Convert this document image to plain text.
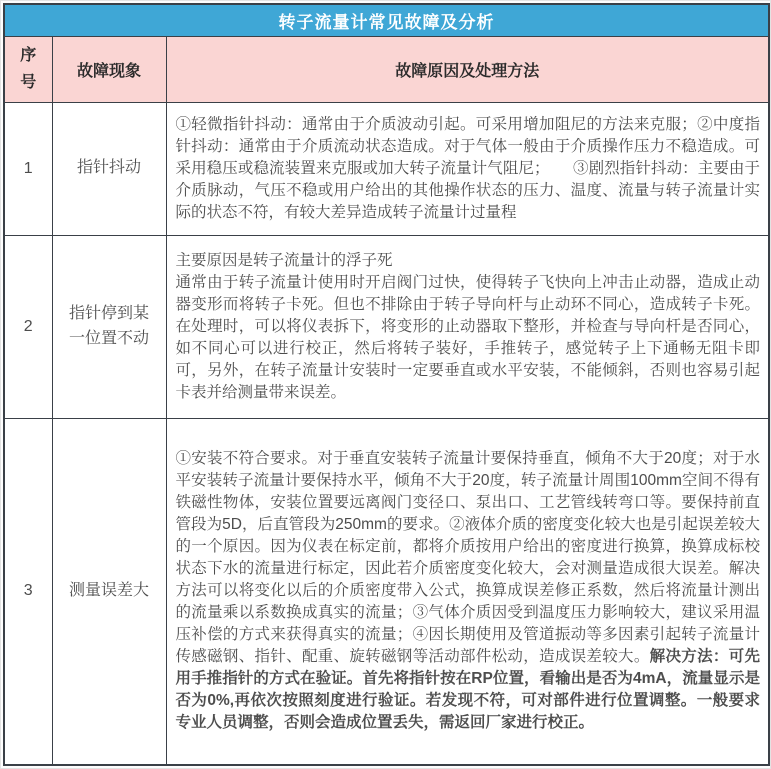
转子流量计常见故障及分析		
序号	故障现象	故障原因及处理方法
1	指针抖动	①轻微指针抖动：通常由于介质波动引起。可采用增加阻尼的方法来克服；②中度指针抖动：通常由于介质流动状态造成。对于气体一般由于介质操作压力不稳造成。可采用稳压或稳流装置来克服或加大转子流量计气阻尼；　　③剧烈指针抖动：主要由于介质脉动，气压不稳或用户给出的其他操作状态的压力、温度、流量与转子流量计实际的状态不符，有较大差异造成转子流量计过量程
2	指针停到某一位置不动	主要原因是转子流量计的浮子死
通常由于转子流量计使用时开启阀门过快，使得转子飞快向上冲击止动器，造成止动器变形而将转子卡死。但也不排除由于转子导向杆与止动环不同心，造成转子卡死。在处理时，可以将仪表拆下，将变形的止动器取下整形，并检查与导向杆是否同心，如不同心可以进行校正，然后将转子装好，手推转子，感觉转子上下通畅无阻卡即可，另外，在转子流量计安装时一定要垂直或水平安装，不能倾斜，否则也容易引起卡表并给测量带来误差。

3	测量误差大	①安装不符合要求。对于垂直安装转子流量计要保持垂直，倾角不大于20度；对于水平安装转子流量计要保持水平，倾角不大于20度，转子流量计周围100mm空间不得有铁磁性物体，安装位置要远离阀门变径口、泵出口、工艺管线转弯口等。要保持前直管段为5D，后直管段为250mm的要求。②液体介质的密度变化较大也是引起误差较大的一个原因。因为仪表在标定前，都将介质按用户给出的密度进行换算，换算成标校状态下水的流量进行标定，因此若介质密度变化较大，会对测量造成很大误差。解决方法可以将变化以后的介质密度带入公式，换算成误差修正系数，然后将流量计测出的流量乘以系数换成真实的流量；③气体介质因受到温度压力影响较大，建议采用温压补偿的方式来获得真实的流量；④因长期使用及管道振动等多因素引起转子流量计传感磁钢、指针、配重、旋转磁钢等活动部件松动，造成误差较大。解决方法：可先用手推指针的方式在验证。首先将指针按在RP位置，看输出是否为4mA，流量显示是否为0%,再依次按照刻度进行验证。若发现不符，可对部件进行位置调整。一般要求专业人员调整，否则会造成位置丢失，需返回厂家进行校正。
